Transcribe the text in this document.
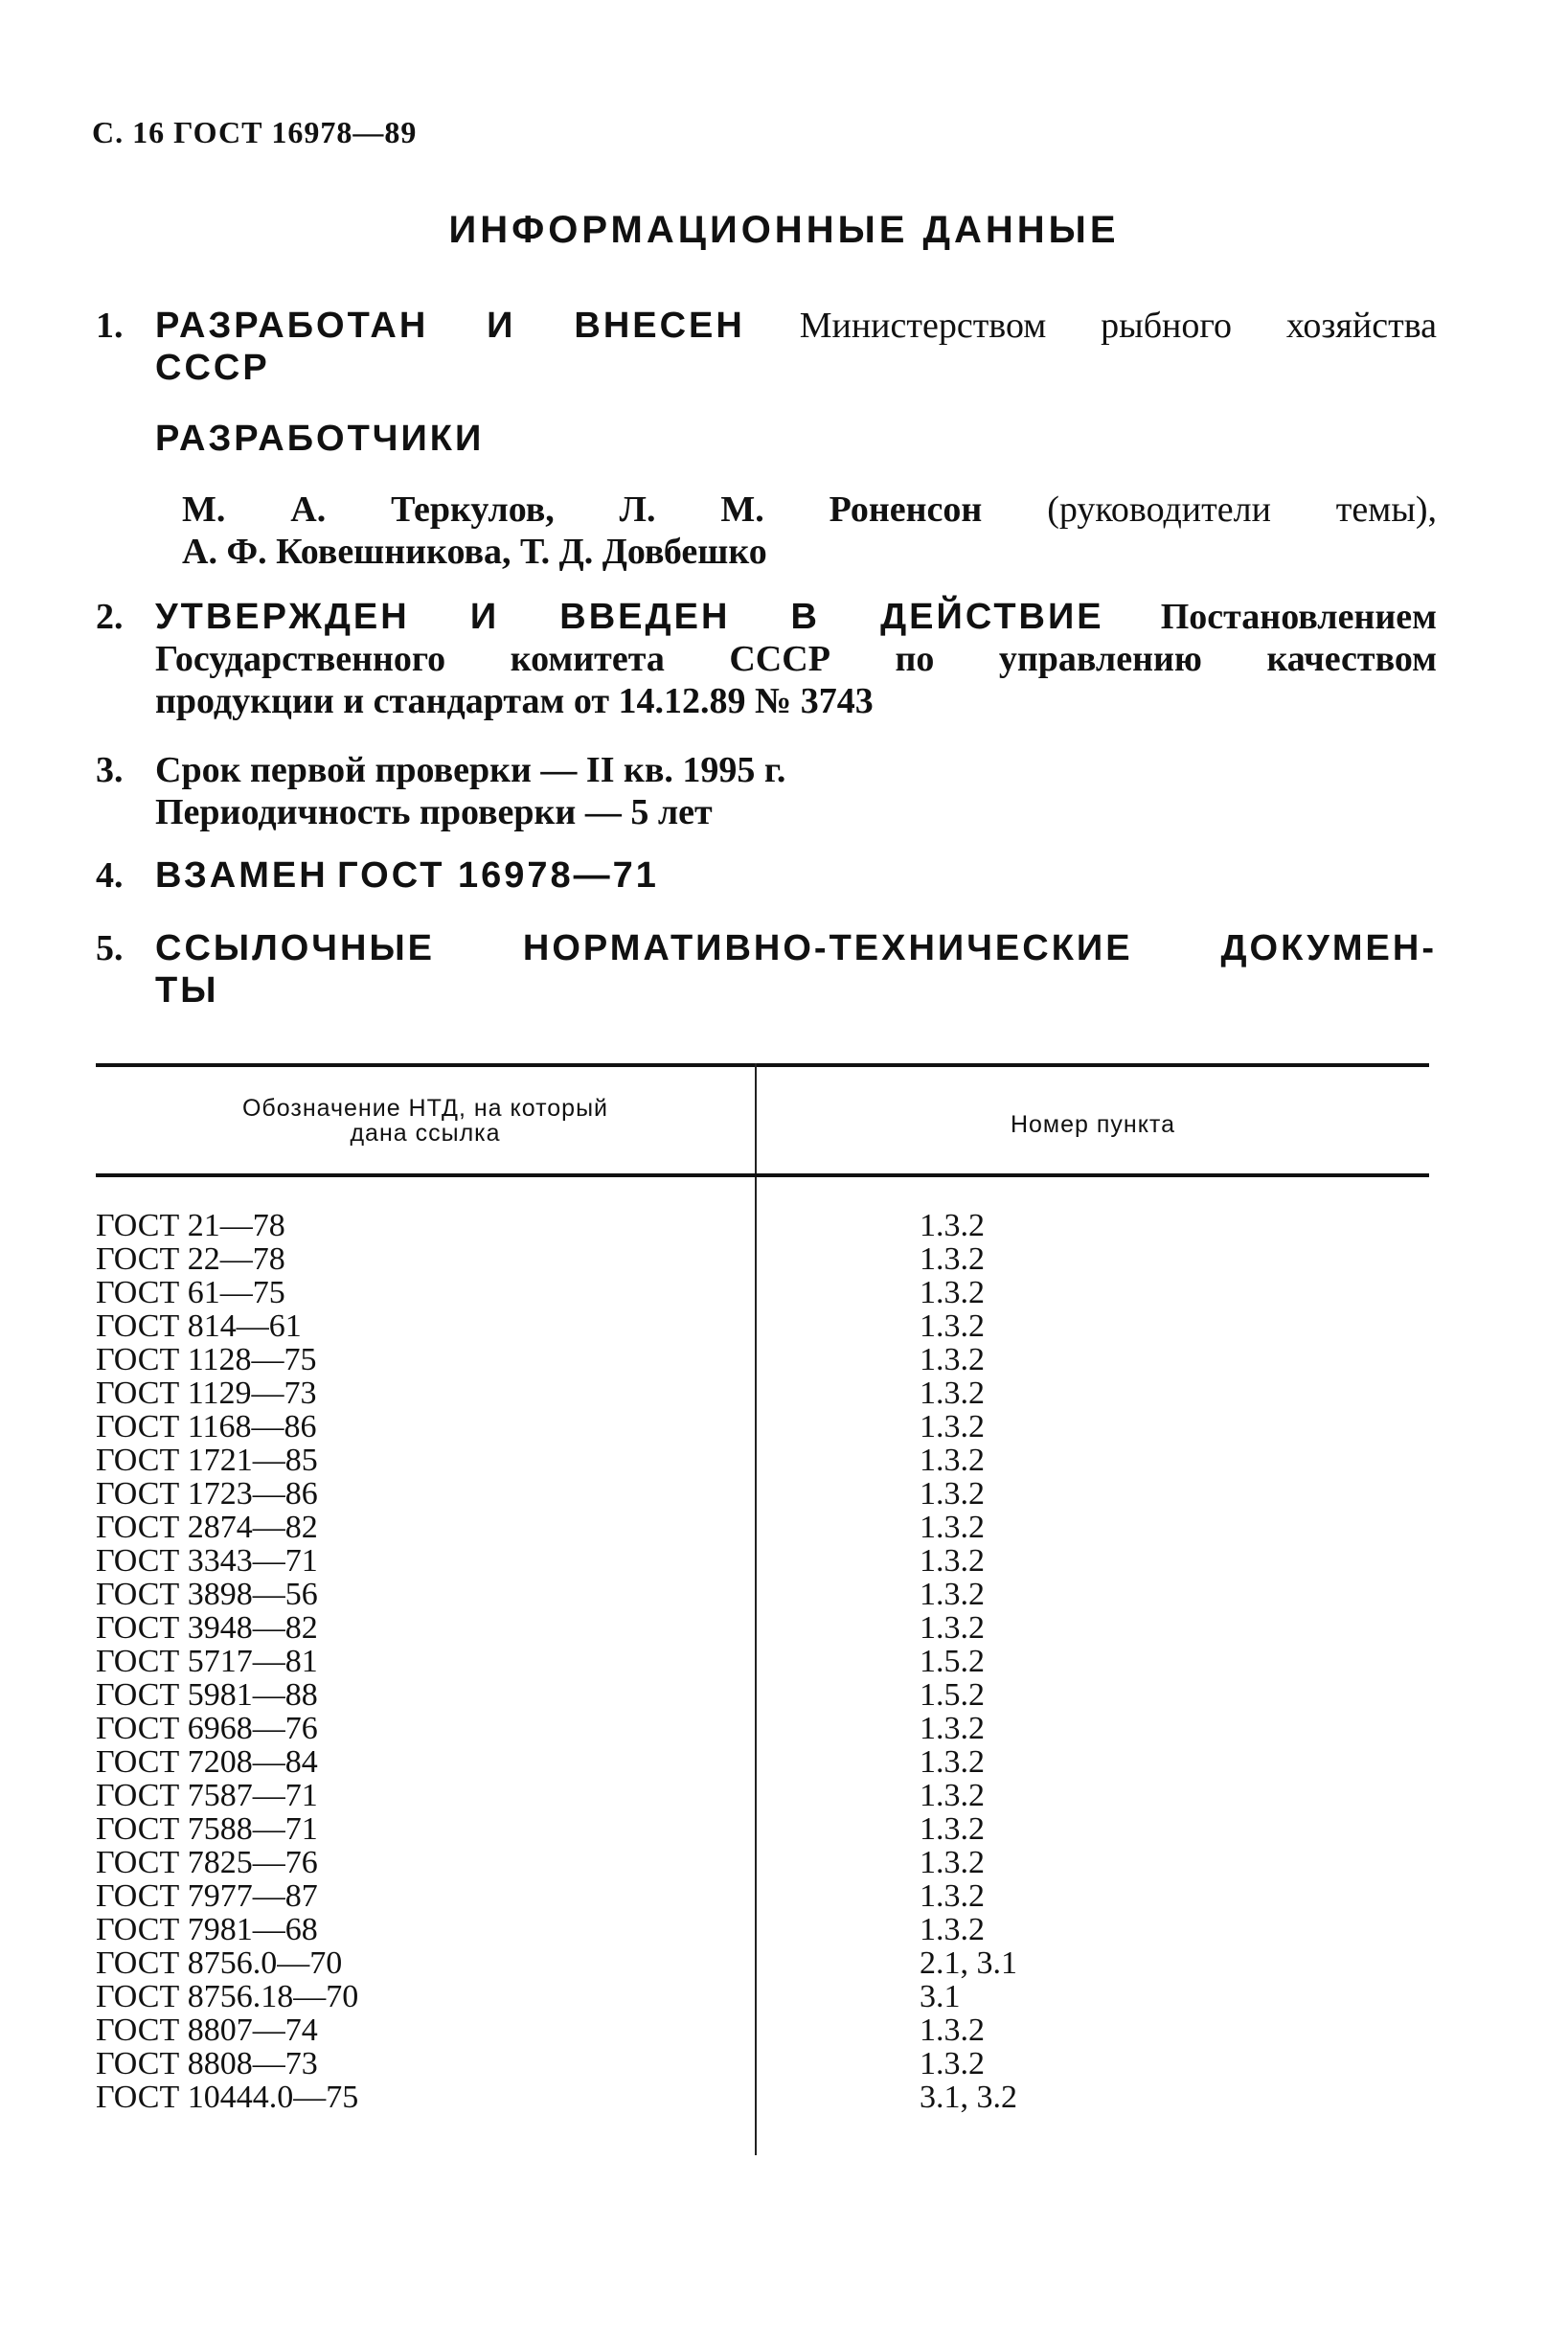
С. 16 ГОСТ 16978—89
ИНФОРМАЦИОННЫЕ ДАННЫЕ
1. РАЗРАБОТАН И ВНЕСЕН Министерством рыбного хозяйства
СССР
РАЗРАБОТЧИКИ
М. А. Теркулов, Л. М. Роненсон (руководители темы),
А. Ф. Ковешникова, Т. Д. Довбешко
2. УТВЕРЖДЕН И ВВЕДЕН В ДЕЙСТВИЕ Постановлением
Государственного комитета СССР по управлению качеством
продукции и стандартам от 14.12.89 № 3743
3. Срок первой проверки — II кв. 1995 г.
Периодичность проверки — 5 лет
4. ВЗАМЕН ГОСТ 16978—71
5. ССЫЛОЧНЫЕ НОРМАТИВНО-ТЕХНИЧЕСКИЕ ДОКУМЕН-
ТЫ
Обозначение НТД, на который
дана ссылка	Номер пункта
ГОСТ 21—78	1.3.2
ГОСТ 22—78	1.3.2
ГОСТ 61—75	1.3.2
ГОСТ 814—61	1.3.2
ГОСТ 1128—75	1.3.2
ГОСТ 1129—73	1.3.2
ГОСТ 1168—86	1.3.2
ГОСТ 1721—85	1.3.2
ГОСТ 1723—86	1.3.2
ГОСТ 2874—82	1.3.2
ГОСТ 3343—71	1.3.2
ГОСТ 3898—56	1.3.2
ГОСТ 3948—82	1.3.2
ГОСТ 5717—81	1.5.2
ГОСТ 5981—88	1.5.2
ГОСТ 6968—76	1.3.2
ГОСТ 7208—84	1.3.2
ГОСТ 7587—71	1.3.2
ГОСТ 7588—71	1.3.2
ГОСТ 7825—76	1.3.2
ГОСТ 7977—87	1.3.2
ГОСТ 7981—68	1.3.2
ГОСТ 8756.0—70	2.1, 3.1
ГОСТ 8756.18—70	3.1
ГОСТ 8807—74	1.3.2
ГОСТ 8808—73	1.3.2
ГОСТ 10444.0—75	3.1, 3.2
